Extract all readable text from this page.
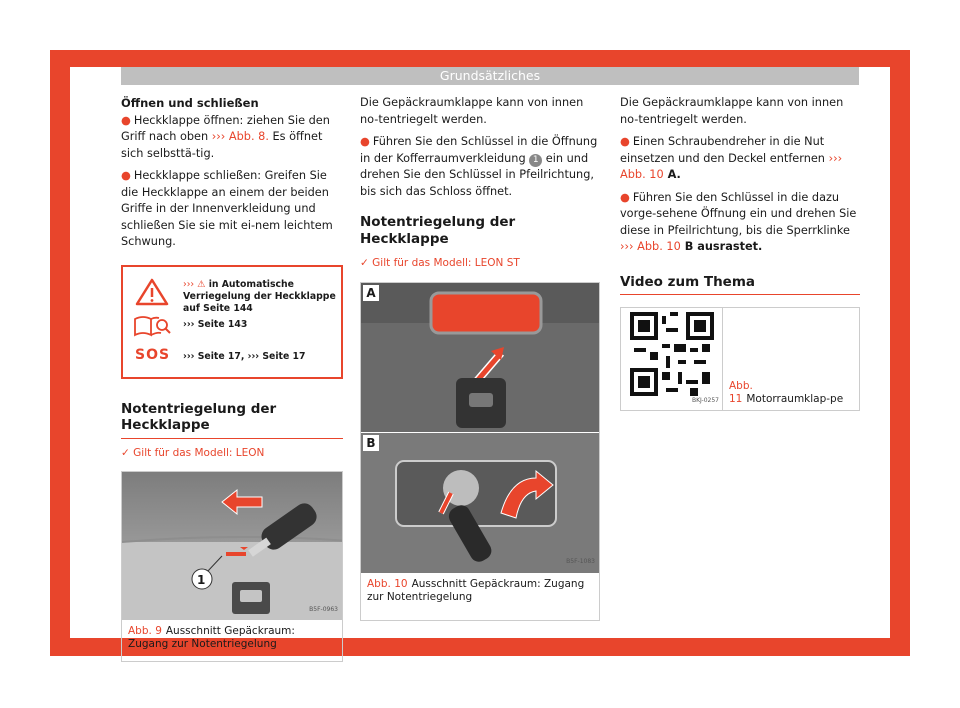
Grundsätzliches
Öffnen und schließen

● Heckklappe öffnen: ziehen Sie den Griff nach oben ››› Abb. 8. Es öffnet sich selbsttä-tig.

● Heckklappe schließen: Greifen Sie die Heckklappe an einem der beiden Griffe in der Innenverkleidung und schließen Sie sie mit ei-nem leichtem Schwung.

››› ⚠ in Automatische Verriegelung der Heckklappe auf Seite 144
››› Seite 143
SOS ››› Seite 17, ››› Seite 17
Notentriegelung der Heckklappe
✓ Gilt für das Modell: LEON
1
B5F-0963
Abb. 9 Ausschnitt Gepäckraum: Zugang zur Notentriegelung

Die Gepäckraumklappe kann von innen no-tentriegelt werden.

● Führen Sie den Schlüssel in die Öffnung in der Kofferraumverkleidung 1 ein und drehen Sie den Schlüssel in Pfeilrichtung, bis sich das Schloss öffnet.

Notentriegelung der Heckklappe
✓ Gilt für das Modell: LEON ST
A
B
B5F-1083
Abb. 10 Ausschnitt Gepäckraum: Zugang zur Notentriegelung

Die Gepäckraumklappe kann von innen no-tentriegelt werden.

● Einen Schraubendreher in die Nut einsetzen und den Deckel entfernen ››› Abb. 10 A.

● Führen Sie den Schlüssel in die dazu vorge-sehene Öffnung ein und drehen Sie diese in Pfeilrichtung, bis die Sperrklinke ››› Abb. 10 B ausrastet.

Video zum Thema
BKJ-0257
Abb. 11 Motorraumklap-pe
17
